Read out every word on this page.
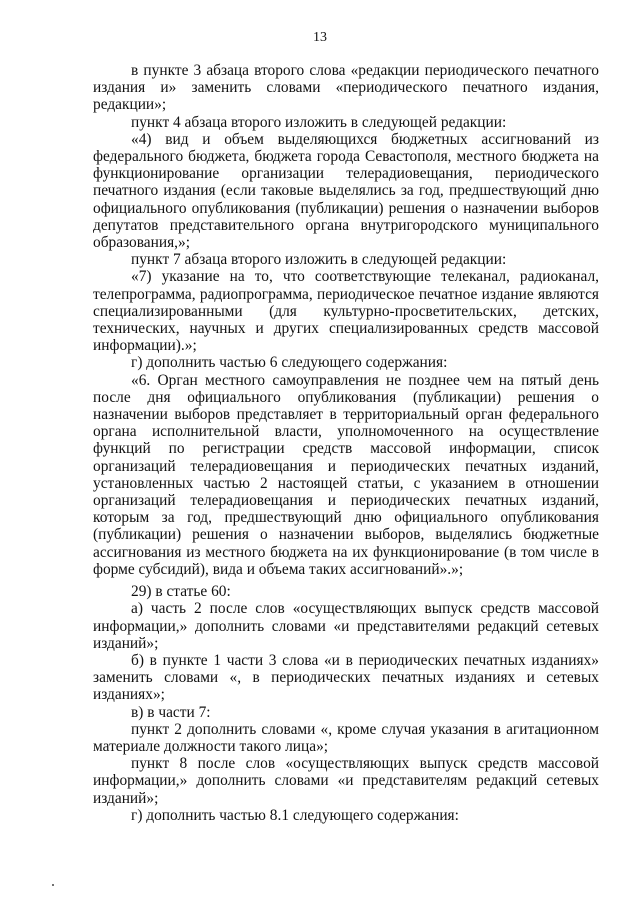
13

в пункте 3 абзаца второго слова «редакции периодического печатного издания и» заменить словами «периодического печатного издания, редакции»;

пункт 4 абзаца второго изложить в следующей редакции:

«4) вид и объем выделяющихся бюджетных ассигнований из федерального бюджета, бюджета города Севастополя, местного бюджета на функционирование организации телерадиовещания, периодического печатного издания (если таковые выделялись за год, предшествующий дню официального опубликования (публикации) решения о назначении выборов депутатов представительного органа внутригородского муниципального образования,»;

пункт 7 абзаца второго изложить в следующей редакции:

«7) указание на то, что соответствующие телеканал, радиоканал, телепрограмма, радиопрограмма, периодическое печатное издание являются специализированными (для культурно-просветительских, детских, технических, научных и других специализированных средств массовой информации).»;

г) дополнить частью 6 следующего содержания:

«6. Орган местного самоуправления не позднее чем на пятый день после дня официального опубликования (публикации) решения о назначении выборов представляет в территориальный орган федерального органа исполнительной власти, уполномоченного на осуществление функций по регистрации средств массовой информации, список организаций телерадиовещания и периодических печатных изданий, установленных частью 2 настоящей статьи, с указанием в отношении организаций телерадиовещания и периодических печатных изданий, которым за год, предшествующий дню официального опубликования (публикации) решения о назначении выборов, выделялись бюджетные ассигнования из местного бюджета на их функционирование (в том числе в форме субсидий), вида и объема таких ассигнований».»;

29) в статье 60:

а) часть 2 после слов «осуществляющих выпуск средств массовой информации,» дополнить словами «и представителями редакций сетевых изданий»;

б) в пункте 1 части 3 слова «и в периодических печатных изданиях» заменить словами «, в периодических печатных изданиях и сетевых изданиях»;

в) в части 7:

пункт 2 дополнить словами «, кроме случая указания в агитационном материале должности такого лица»;

пункт 8 после слов «осуществляющих выпуск средств массовой информации,» дополнить словами «и представителям редакций сетевых изданий»;

г) дополнить частью 8.1 следующего содержания:
